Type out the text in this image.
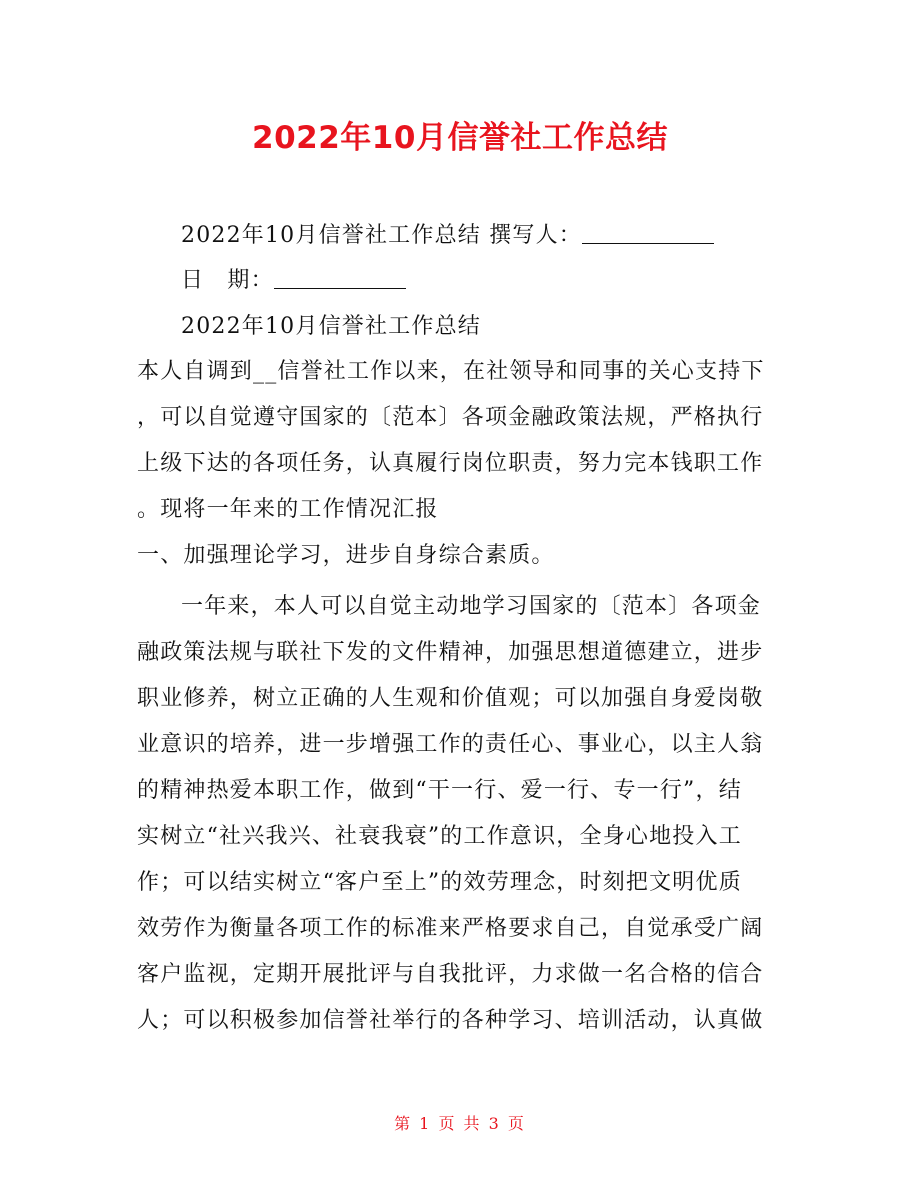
2022年10月信誉社工作总结
2022年10月信誉社工作总结 撰写人：
日　期：
2022年10月信誉社工作总结
本人自调到__信誉社工作以来，在社领导和同事的关心支持下
，可以自觉遵守国家的〔范本〕各项金融政策法规，严格执行
上级下达的各项任务，认真履行岗位职责，努力完本钱职工作
。现将一年来的工作情况汇报
一、加强理论学习，进步自身综合素质。
一年来，本人可以自觉主动地学习国家的〔范本〕各项金
融政策法规与联社下发的文件精神，加强思想道德建立，进步
职业修养，树立正确的人生观和价值观；可以加强自身爱岗敬
业意识的培养，进一步增强工作的责任心、事业心，以主人翁
的精神热爱本职工作，做到“干一行、爱一行、专一行”，结
实树立“社兴我兴、社衰我衰”的工作意识，全身心地投入工
作；可以结实树立“客户至上”的效劳理念，时刻把文明优质
效劳作为衡量各项工作的标准来严格要求自己，自觉承受广阔
客户监视，定期开展批评与自我批评，力求做一名合格的信合
人；可以积极参加信誉社举行的各种学习、培训活动，认真做
第 1 页 共 3 页
